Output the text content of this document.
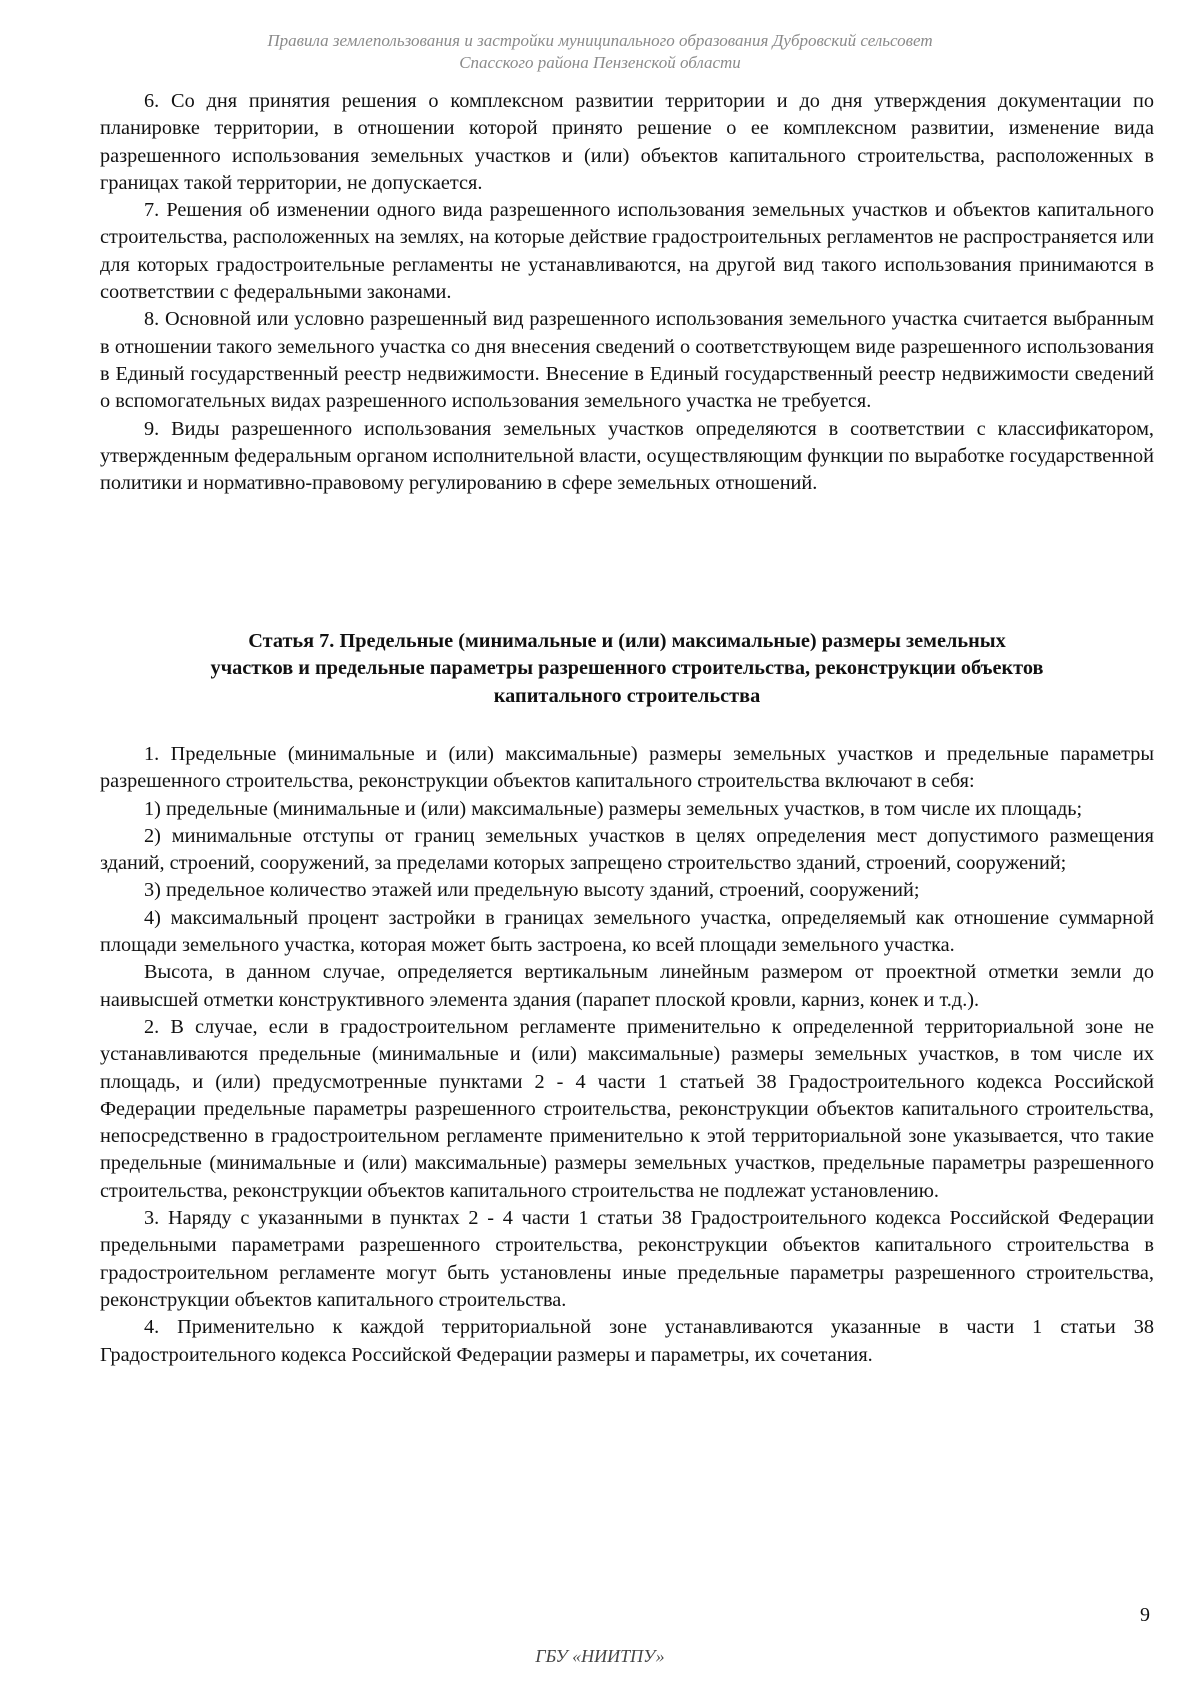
Правила землепользования и застройки муниципального образования Дубровский сельсовет
Спасского района Пензенской области

6. Со дня принятия решения о комплексном развитии территории и до дня утверждения документации по планировке территории, в отношении которой принято решение о ее комплексном развитии, изменение вида разрешенного использования земельных участков и (или) объектов капитального строительства, расположенных в границах такой территории, не допускается.

7. Решения об изменении одного вида разрешенного использования земельных участков и объектов капитального строительства, расположенных на землях, на которые действие градостроительных регламентов не распространяется или для которых градостроительные регламенты не устанавливаются, на другой вид такого использования принимаются в соответствии с федеральными законами.

8. Основной или условно разрешенный вид разрешенного использования земельного участка считается выбранным в отношении такого земельного участка со дня внесения сведений о соответствующем виде разрешенного использования в Единый государственный реестр недвижимости. Внесение в Единый государственный реестр недвижимости сведений о вспомогательных видах разрешенного использования земельного участка не требуется.

9. Виды разрешенного использования земельных участков определяются в соответствии с классификатором, утвержденным федеральным органом исполнительной власти, осуществляющим функции по выработке государственной политики и нормативно-правовому регулированию в сфере земельных отношений.

Статья 7. Предельные (минимальные и (или) максимальные) размеры земельных
участков и предельные параметры разрешенного строительства, реконструкции объектов
капитального строительства

1. Предельные (минимальные и (или) максимальные) размеры земельных участков и предельные параметры разрешенного строительства, реконструкции объектов капитального строительства включают в себя:

1) предельные (минимальные и (или) максимальные) размеры земельных участков, в том числе их площадь;

2) минимальные отступы от границ земельных участков в целях определения мест допустимого размещения зданий, строений, сооружений, за пределами которых запрещено строительство зданий, строений, сооружений;

3) предельное количество этажей или предельную высоту зданий, строений, сооружений;

4) максимальный процент застройки в границах земельного участка, определяемый как отношение суммарной площади земельного участка, которая может быть застроена, ко всей площади земельного участка.

Высота, в данном случае, определяется вертикальным линейным размером от проектной отметки земли до наивысшей отметки конструктивного элемента здания (парапет плоской кровли, карниз, конек и т.д.).

2. В случае, если в градостроительном регламенте применительно к определенной территориальной зоне не устанавливаются предельные (минимальные и (или) максимальные) размеры земельных участков, в том числе их площадь, и (или) предусмотренные пунктами 2 - 4 части 1 статьей 38 Градостроительного кодекса Российской Федерации предельные параметры разрешенного строительства, реконструкции объектов капитального строительства, непосредственно в градостроительном регламенте применительно к этой территориальной зоне указывается, что такие предельные (минимальные и (или) максимальные) размеры земельных участков, предельные параметры разрешенного строительства, реконструкции объектов капитального строительства не подлежат установлению.

3. Наряду с указанными в пунктах 2 - 4 части 1 статьи 38 Градостроительного кодекса Российской Федерации предельными параметрами разрешенного строительства, реконструкции объектов капитального строительства в градостроительном регламенте могут быть установлены иные предельные параметры разрешенного строительства, реконструкции объектов капитального строительства.

4. Применительно к каждой территориальной зоне устанавливаются указанные в части 1 статьи 38 Градостроительного кодекса Российской Федерации размеры и параметры, их сочетания.

9
ГБУ «НИИТПУ»
